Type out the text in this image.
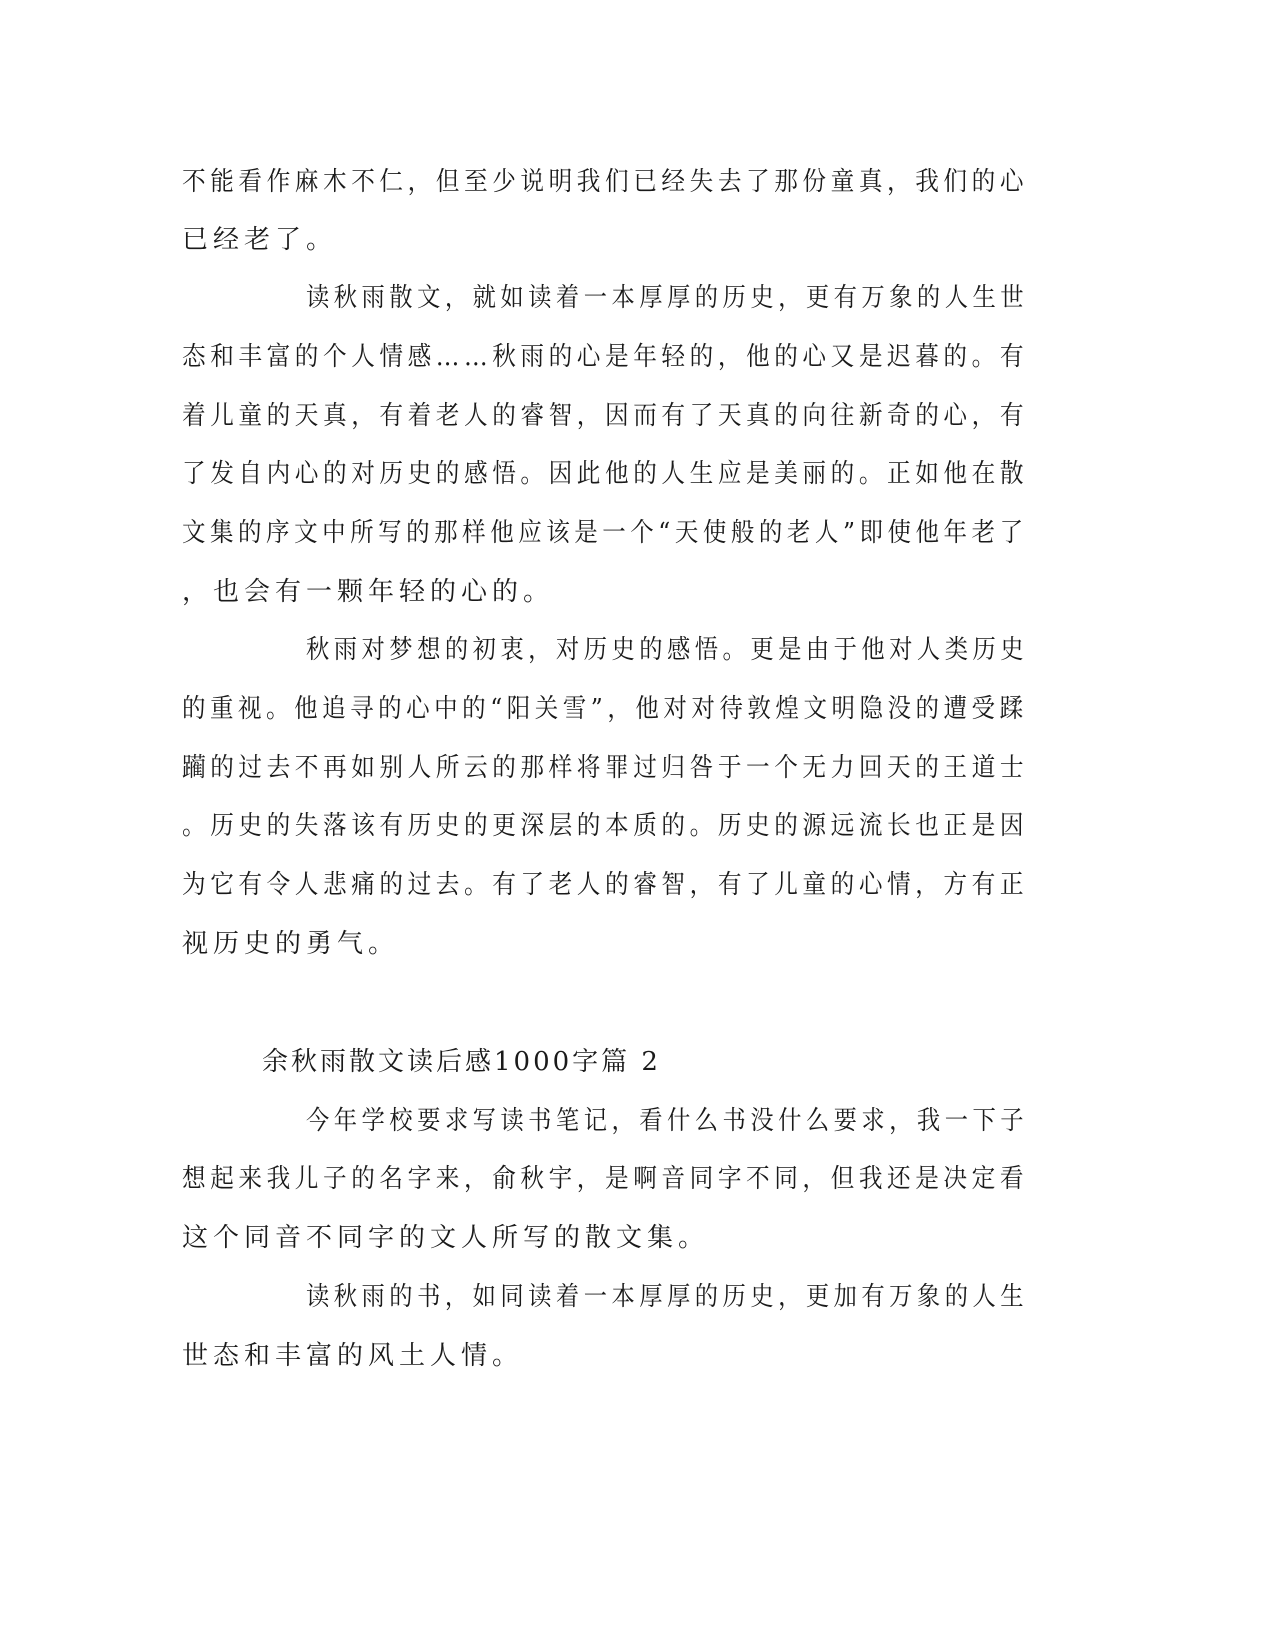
不能看作麻木不仁，但至少说明我们已经失去了那份童真，我们的心
已经老了。
读秋雨散文，就如读着一本厚厚的历史，更有万象的人生世
态和丰富的个人情感……秋雨的心是年轻的，他的心又是迟暮的。有
着儿童的天真，有着老人的睿智，因而有了天真的向往新奇的心，有
了发自内心的对历史的感悟。因此他的人生应是美丽的。正如他在散
文集的序文中所写的那样他应该是一个“天使般的老人”即使他年老了
，也会有一颗年轻的心的。
秋雨对梦想的初衷，对历史的感悟。更是由于他对人类历史
的重视。他追寻的心中的“阳关雪”，他对对待敦煌文明隐没的遭受蹂
躏的过去不再如别人所云的那样将罪过归咎于一个无力回天的王道士
。历史的失落该有历史的更深层的本质的。历史的源远流长也正是因
为它有令人悲痛的过去。有了老人的睿智，有了儿童的心情，方有正
视历史的勇气。
余秋雨散文读后感1000字篇 2
今年学校要求写读书笔记，看什么书没什么要求，我一下子
想起来我儿子的名字来，俞秋宇，是啊音同字不同，但我还是决定看
这个同音不同字的文人所写的散文集。
读秋雨的书，如同读着一本厚厚的历史，更加有万象的人生
世态和丰富的风土人情。
